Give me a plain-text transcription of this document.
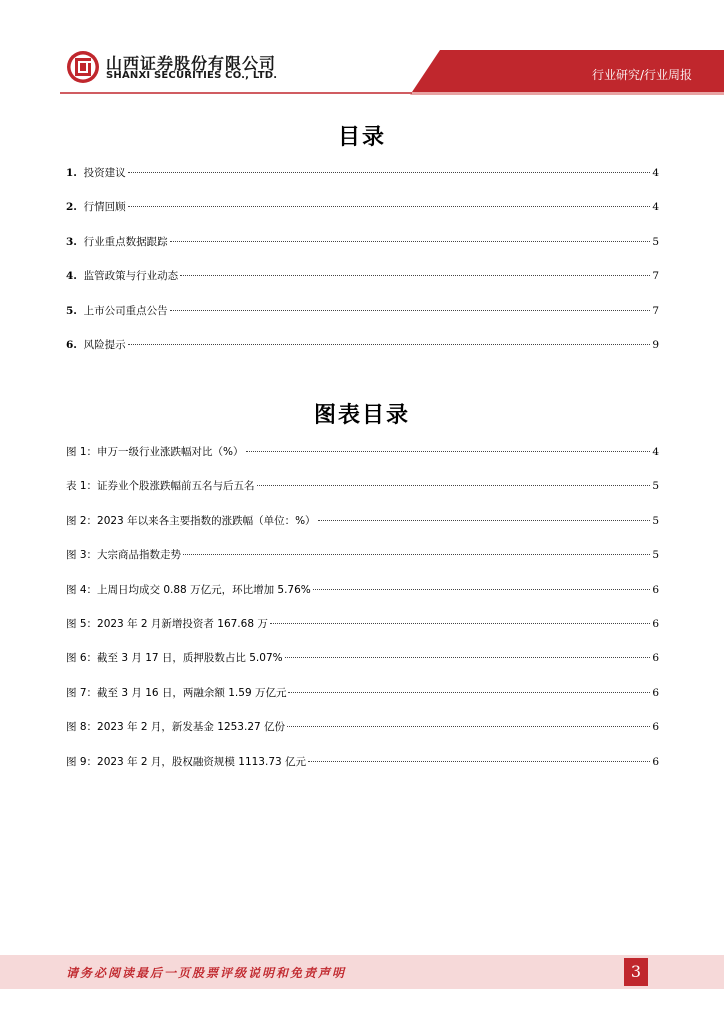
山西证券股份有限公司
SHANXI SECURITIES CO., LTD.	行业研究/行业周报
目录
1. 投资建议	4
2. 行情回顾	4
3. 行业重点数据跟踪	5
4. 监管政策与行业动态	7
5. 上市公司重点公告	7
6. 风险提示	9
图表目录
图 1：申万一级行业涨跌幅对比（%）	4
表 1：证券业个股涨跌幅前五名与后五名	5
图 2：2023 年以来各主要指数的涨跌幅（单位：%）	5
图 3：大宗商品指数走势	5
图 4：上周日均成交 0.88 万亿元，环比增加 5.76%	6
图 5：2023 年 2 月新增投资者 167.68 万	6
图 6：截至 3 月 17 日，质押股数占比 5.07%	6
图 7：截至 3 月 16 日，两融余额 1.59 万亿元	6
图 8：2023 年 2 月，新发基金 1253.27 亿份	6
图 9：2023 年 2 月，股权融资规模 1113.73 亿元	6
请务必阅读最后一页股票评级说明和免责声明	3
